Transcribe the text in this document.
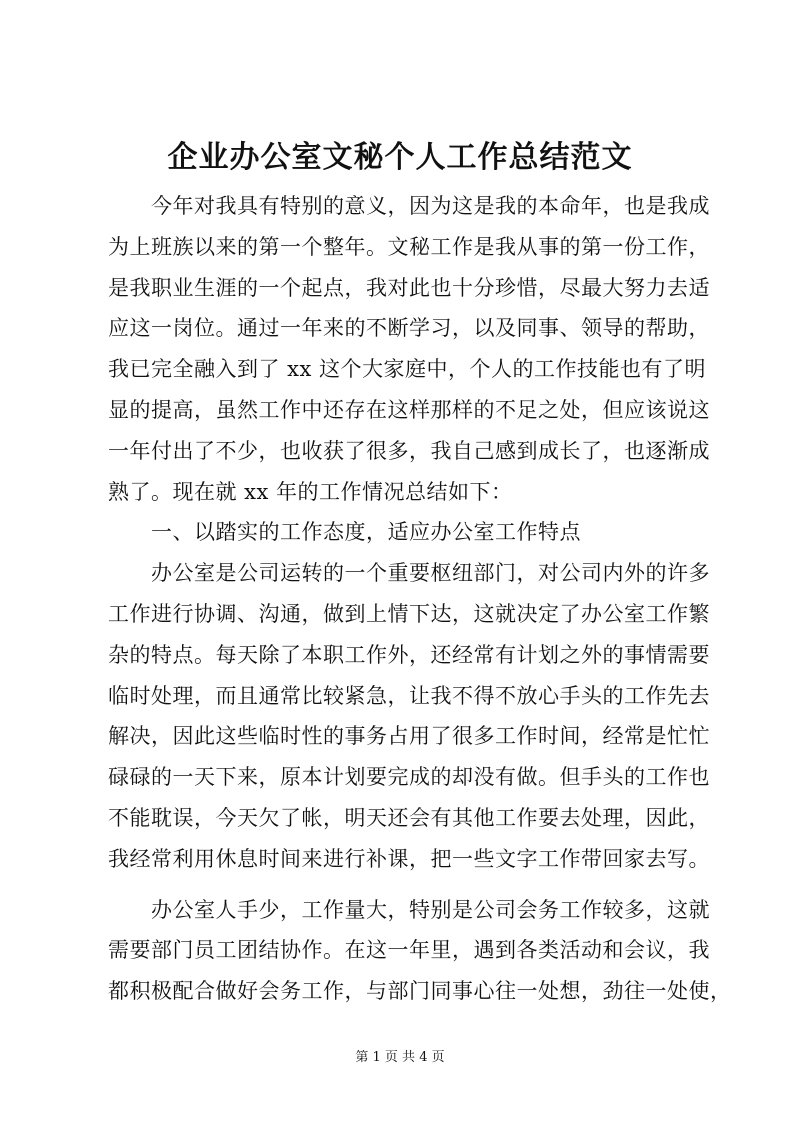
企业办公室文秘个人工作总结范文
　　今年对我具有特别的意义，因为这是我的本命年，也是我成
为上班族以来的第一个整年。文秘工作是我从事的第一份工作，
是我职业生涯的一个起点，我对此也十分珍惜，尽最大努力去适
应这一岗位。通过一年来的不断学习，以及同事、领导的帮助，
我已完全融入到了 xx 这个大家庭中，个人的工作技能也有了明
显的提高，虽然工作中还存在这样那样的不足之处，但应该说这
一年付出了不少，也收获了很多，我自己感到成长了，也逐渐成
熟了。现在就 xx 年的工作情况总结如下：
　　一、以踏实的工作态度，适应办公室工作特点
　　办公室是公司运转的一个重要枢纽部门，对公司内外的许多
工作进行协调、沟通，做到上情下达，这就决定了办公室工作繁
杂的特点。每天除了本职工作外，还经常有计划之外的事情需要
临时处理，而且通常比较紧急，让我不得不放心手头的工作先去
解决，因此这些临时性的事务占用了很多工作时间，经常是忙忙
碌碌的一天下来，原本计划要完成的却没有做。但手头的工作也
不能耽误，今天欠了帐，明天还会有其他工作要去处理，因此，
我经常利用休息时间来进行补课，把一些文字工作带回家去写。
　　办公室人手少，工作量大，特别是公司会务工作较多，这就
需要部门员工团结协作。在这一年里，遇到各类活动和会议，我
都积极配合做好会务工作，与部门同事心往一处想，劲往一处使，
第 1 页 共 4 页
